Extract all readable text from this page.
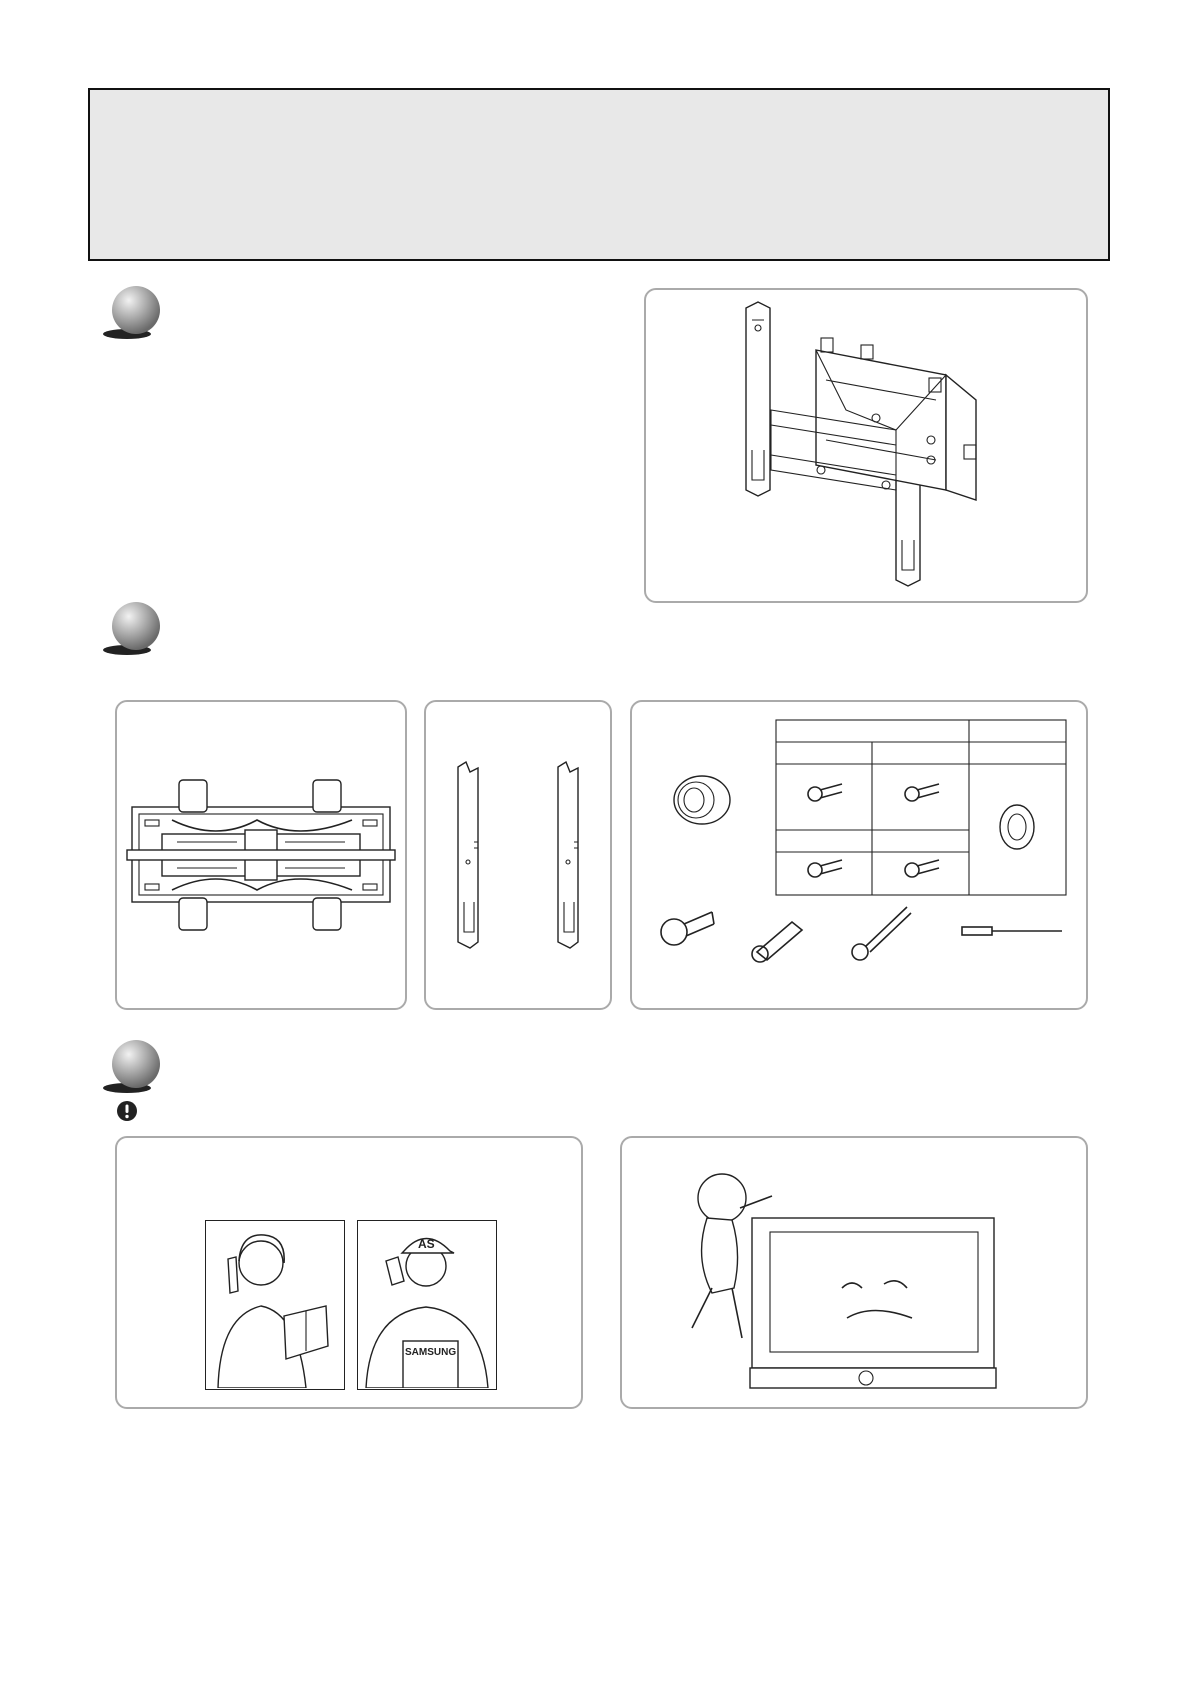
AS
SAMSUNG
